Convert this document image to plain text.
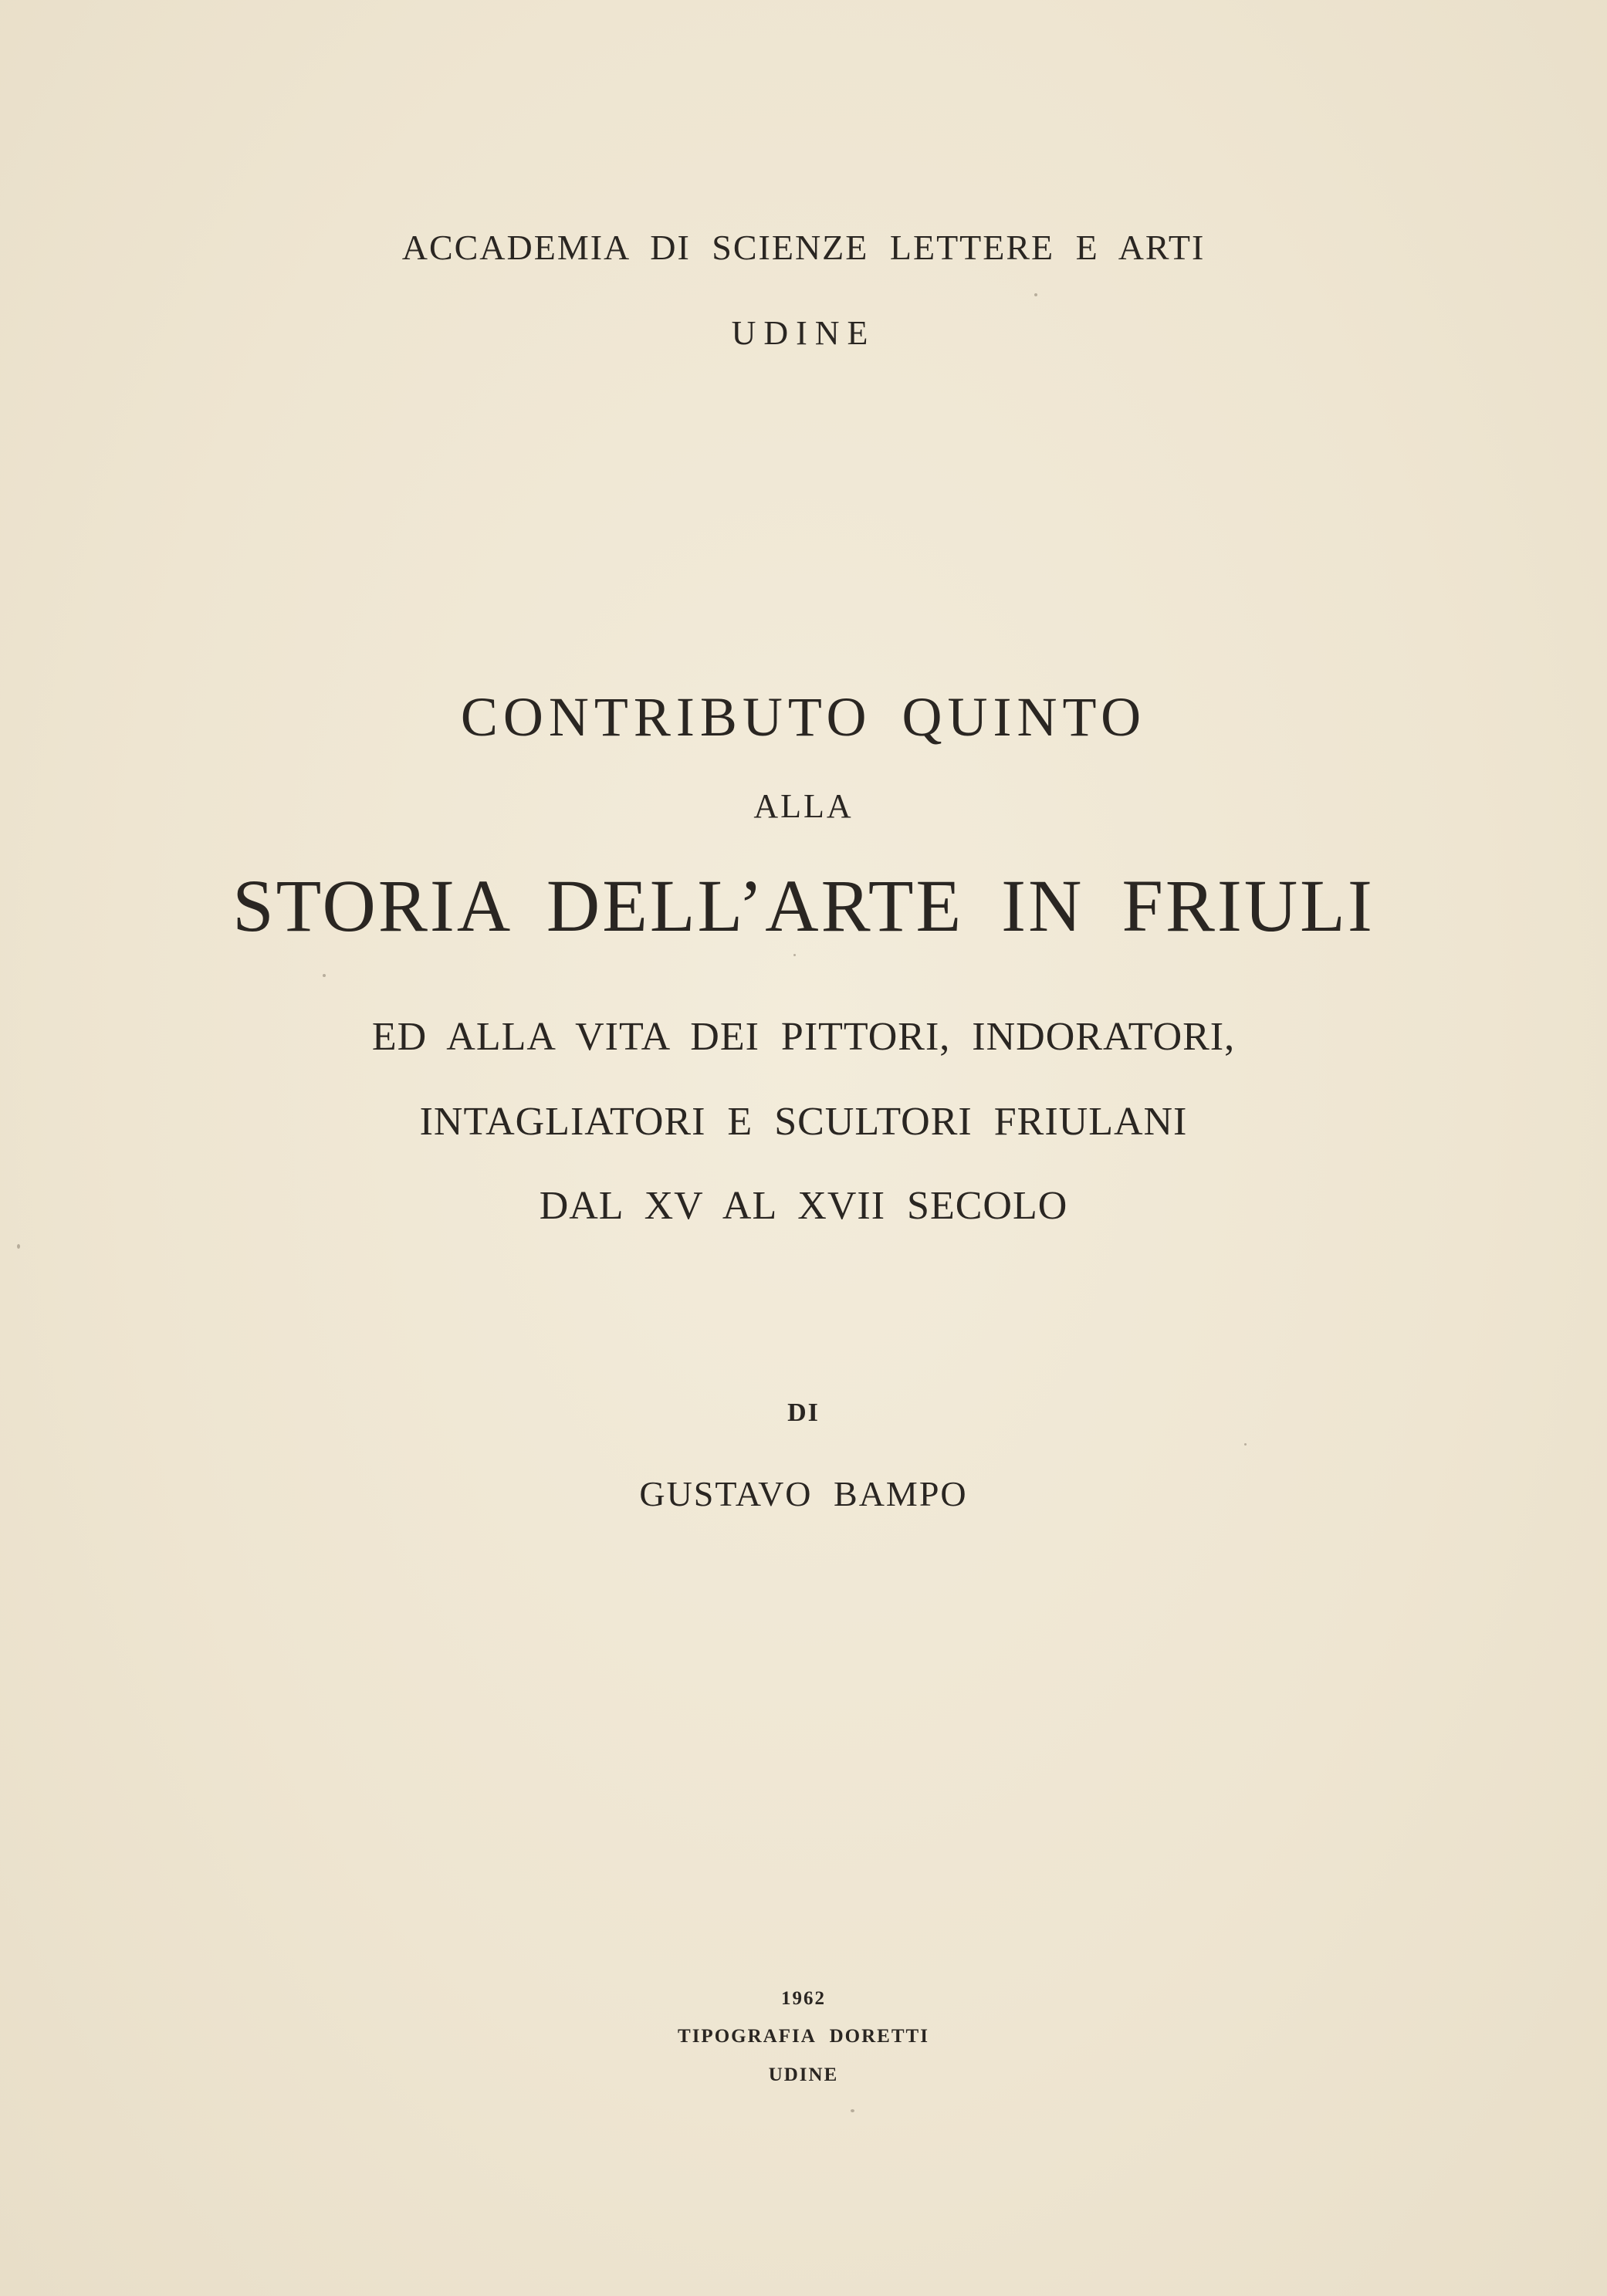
ACCADEMIA DI SCIENZE LETTERE E ARTI
UDINE
CONTRIBUTO QUINTO
ALLA
STORIA DELL’ARTE IN FRIULI
ED ALLA VITA DEI PITTORI, INDORATORI,
INTAGLIATORI E SCULTORI FRIULANI
DAL XV AL XVII SECOLO
DI
GUSTAVO BAMPO
1962
TIPOGRAFIA DORETTI
UDINE
